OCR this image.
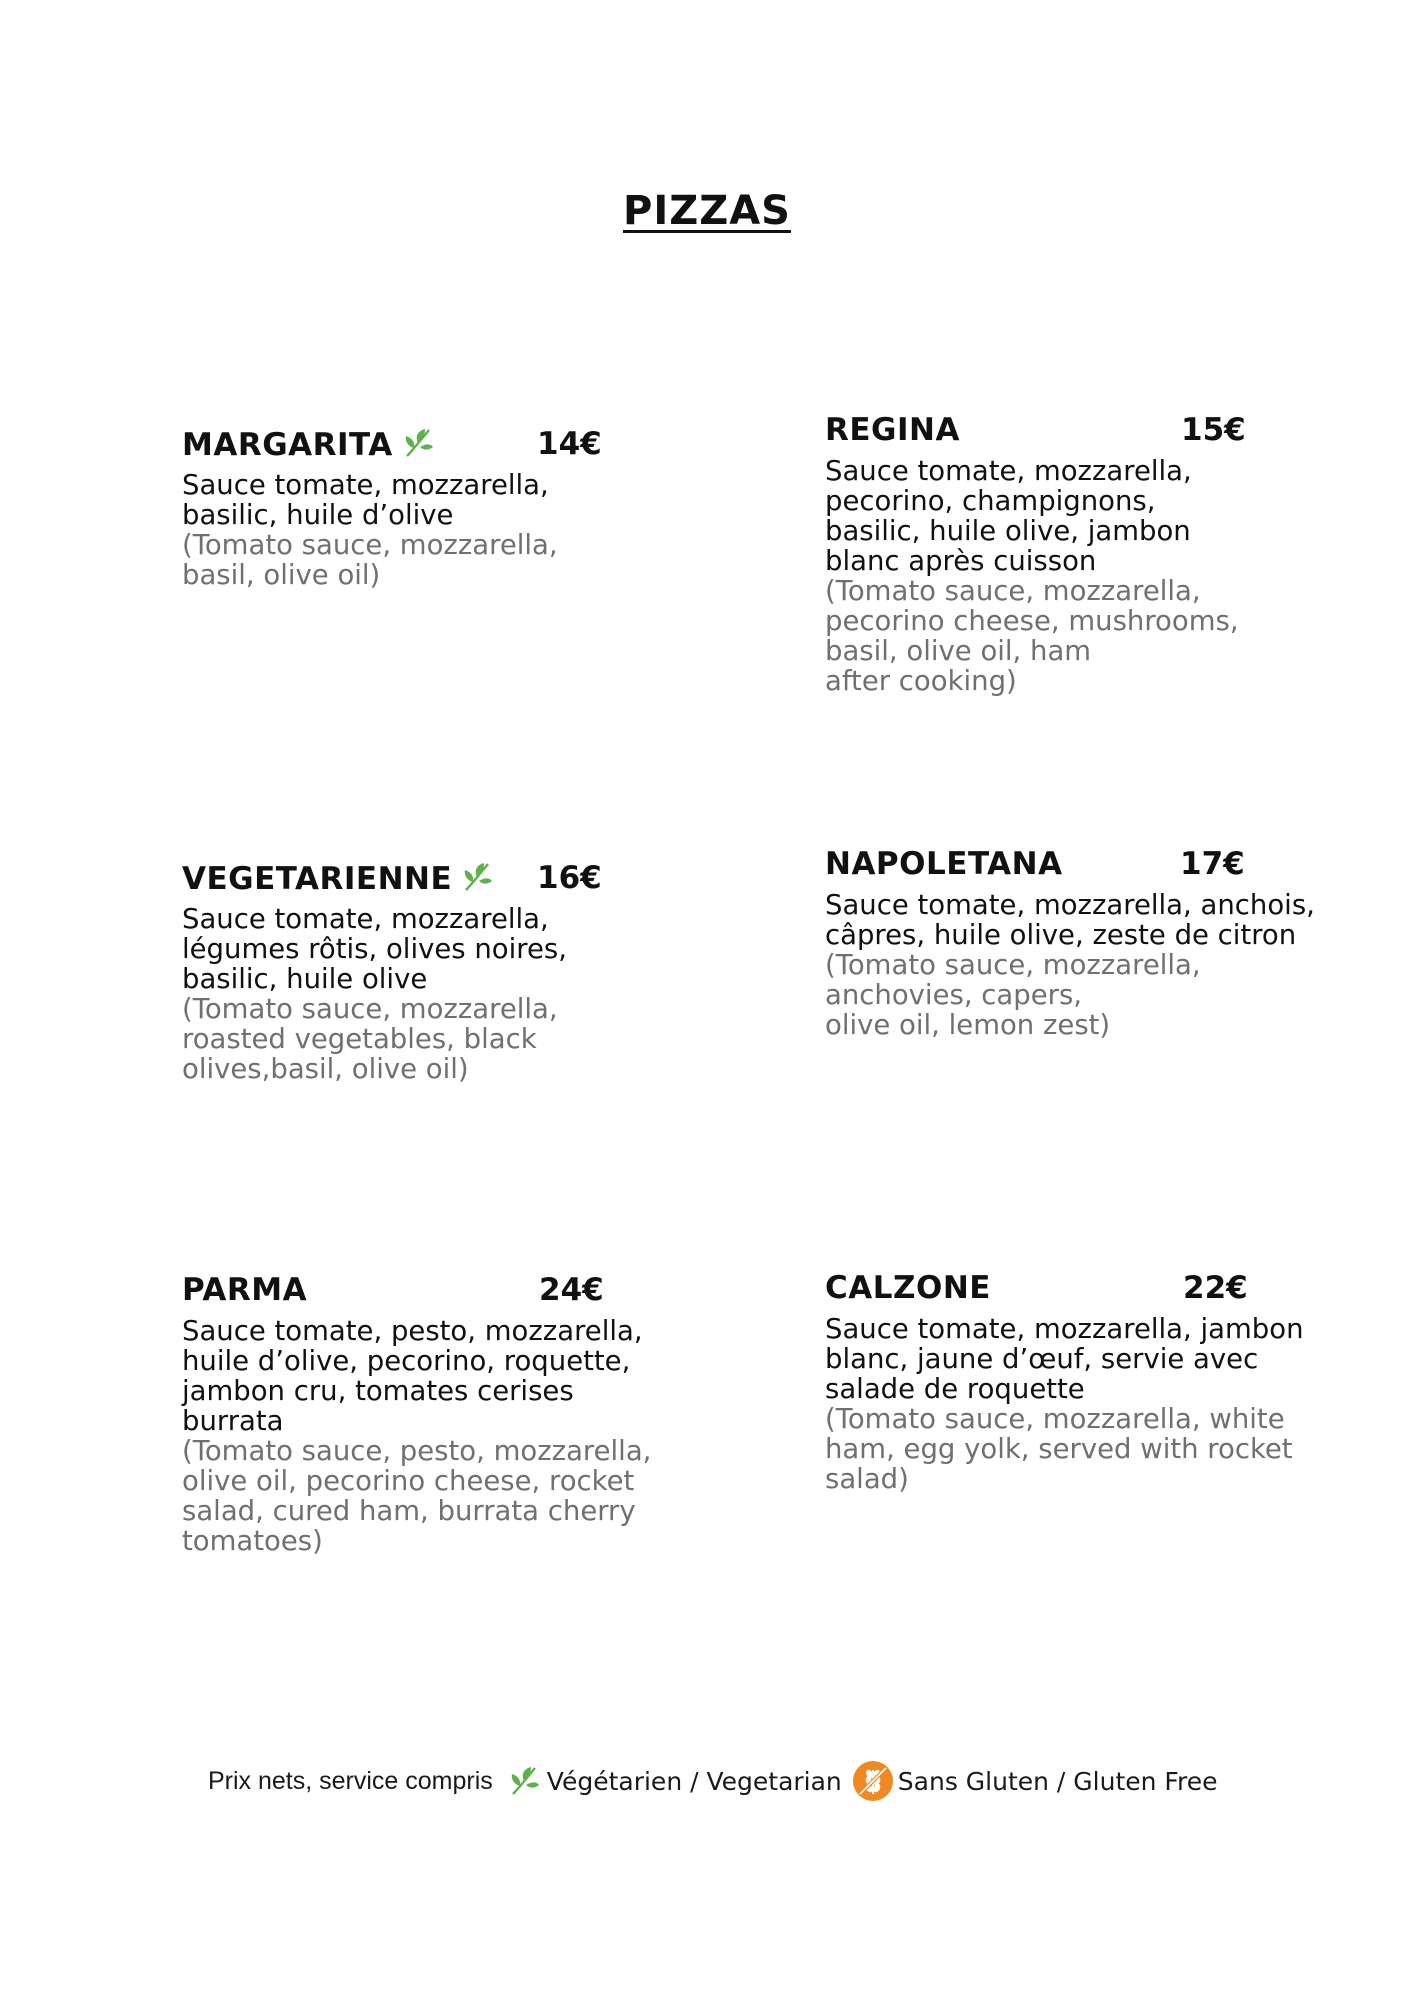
PIZZAS
MARGARITA	14€
Sauce tomate, mozzarella,
basilic, huile d’olive
(Tomato sauce, mozzarella,
basil, olive oil)
REGINA	15€
Sauce tomate, mozzarella,
pecorino, champignons,
basilic, huile olive, jambon
blanc après cuisson
(Tomato sauce, mozzarella,
pecorino cheese, mushrooms,
basil, olive oil, ham
after cooking)
VEGETARIENNE	16€
Sauce tomate, mozzarella,
légumes rôtis, olives noires,
basilic, huile olive
(Tomato sauce, mozzarella,
roasted vegetables, black
olives,basil, olive oil)
NAPOLETANA	17€
Sauce tomate, mozzarella, anchois,
câpres, huile olive, zeste de citron
(Tomato sauce, mozzarella,
anchovies, capers,
olive oil, lemon zest)
PARMA	24€
Sauce tomate, pesto, mozzarella,
huile d’olive, pecorino, roquette,
jambon cru, tomates cerises
burrata
(Tomato sauce, pesto, mozzarella,
olive oil, pecorino cheese, rocket
salad, cured ham, burrata cherry
tomatoes)
CALZONE	22€
Sauce tomate, mozzarella, jambon
blanc, jaune d’œuf, servie avec
salade de roquette
(Tomato sauce, mozzarella, white
ham, egg yolk, served with rocket
salad)
Prix nets, service compris Végétarien / Vegetarian Sans Gluten / Gluten Free
